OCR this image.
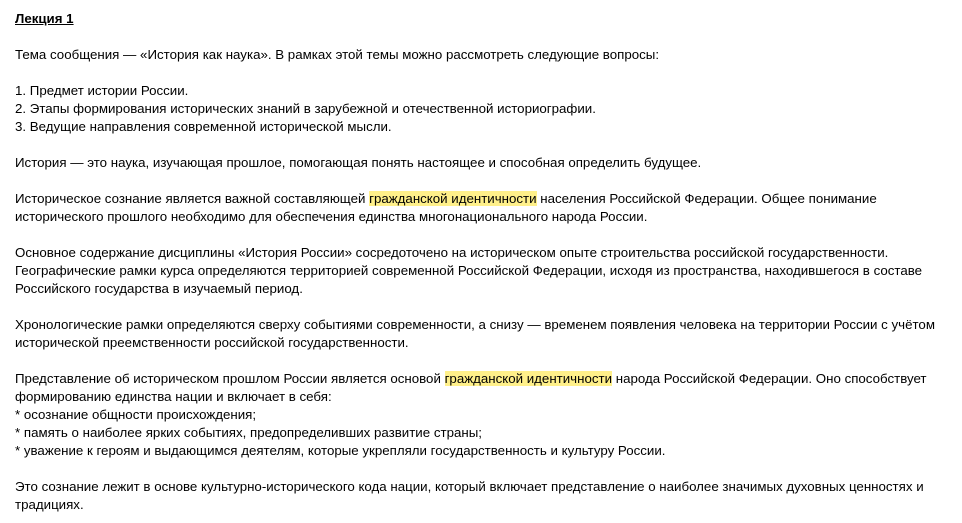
Лекция 1

Тема сообщения — «История как наука». В рамках этой темы можно рассмотреть следующие вопросы:

1. Предмет истории России.

2. Этапы формирования исторических знаний в зарубежной и отечественной историографии.

3. Ведущие направления современной исторической мысли.

История — это наука, изучающая прошлое, помогающая понять настоящее и способная определить будущее.

Историческое сознание является важной составляющей гражданской идентичности населения Российской Федерации. Общее понимание исторического прошлого необходимо для обеспечения единства многонационального народа России.

Основное содержание дисциплины «История России» сосредоточено на историческом опыте строительства российской государственности. Географические рамки курса определяются территорией современной Российской Федерации, исходя из пространства, находившегося в составе Российского государства в изучаемый период.

Хронологические рамки определяются сверху событиями современности, а снизу — временем появления человека на территории России с учётом исторической преемственности российской государственности.

Представление об историческом прошлом России является основой гражданской идентичности народа Российской Федерации. Оно способствует формированию единства нации и включает в себя:

* осознание общности происхождения;

* память о наиболее ярких событиях, предопределивших развитие страны;

* уважение к героям и выдающимся деятелям, которые укрепляли государственность и культуру России.

Это сознание лежит в основе культурно-исторического кода нации, который включает представление о наиболее значимых духовных ценностях и традициях.
